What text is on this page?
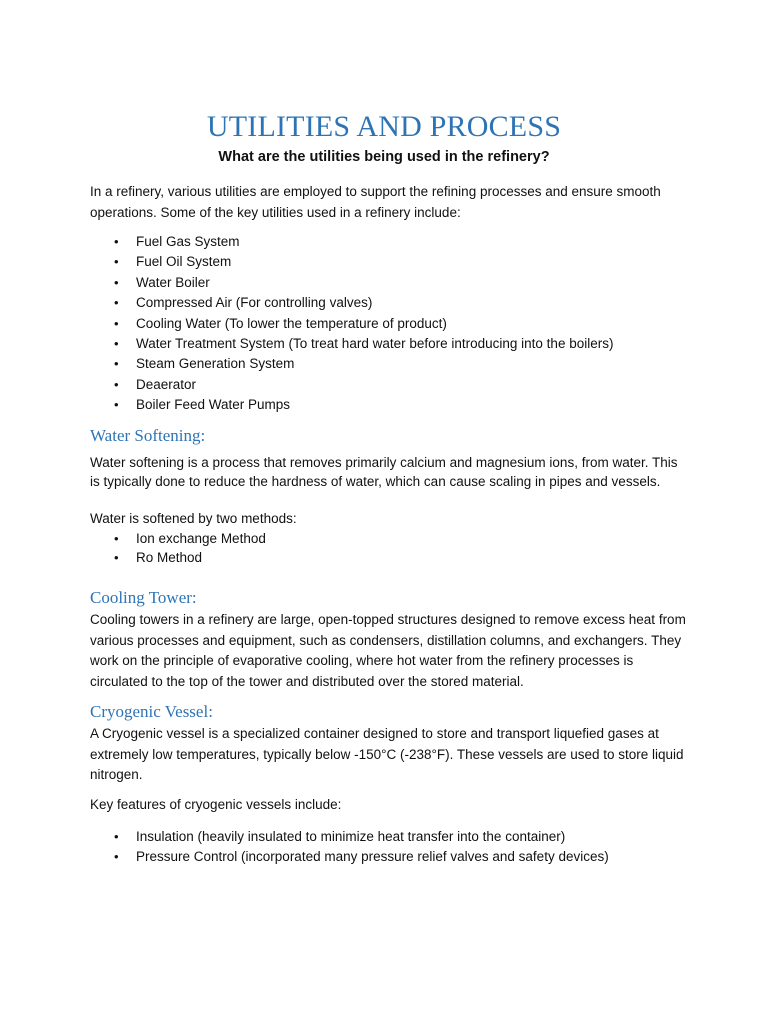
UTILITIES AND PROCESS
What are the utilities being used in the refinery?

In a refinery, various utilities are employed to support the refining processes and ensure smooth operations. Some of the key utilities used in a refinery include:

• Fuel Gas System
• Fuel Oil System
• Water Boiler
• Compressed Air (For controlling valves)
• Cooling Water (To lower the temperature of product)
• Water Treatment System (To treat hard water before introducing into the boilers)
• Steam Generation System
• Deaerator
• Boiler Feed Water Pumps
Water Softening:

Water softening is a process that removes primarily calcium and magnesium ions, from water. This is typically done to reduce the hardness of water, which can cause scaling in pipes and vessels.

Water is softened by two methods:

• Ion exchange Method
• Ro Method
Cooling Tower:

Cooling towers in a refinery are large, open-topped structures designed to remove excess heat from various processes and equipment, such as condensers, distillation columns, and exchangers. They work on the principle of evaporative cooling, where hot water from the refinery processes is circulated to the top of the tower and distributed over the stored material.

Cryogenic Vessel:

A Cryogenic vessel is a specialized container designed to store and transport liquefied gases at extremely low temperatures, typically below -150°C (-238°F). These vessels are used to store liquid nitrogen.

Key features of cryogenic vessels include:

• Insulation (heavily insulated to minimize heat transfer into the container)
• Pressure Control (incorporated many pressure relief valves and safety devices)
